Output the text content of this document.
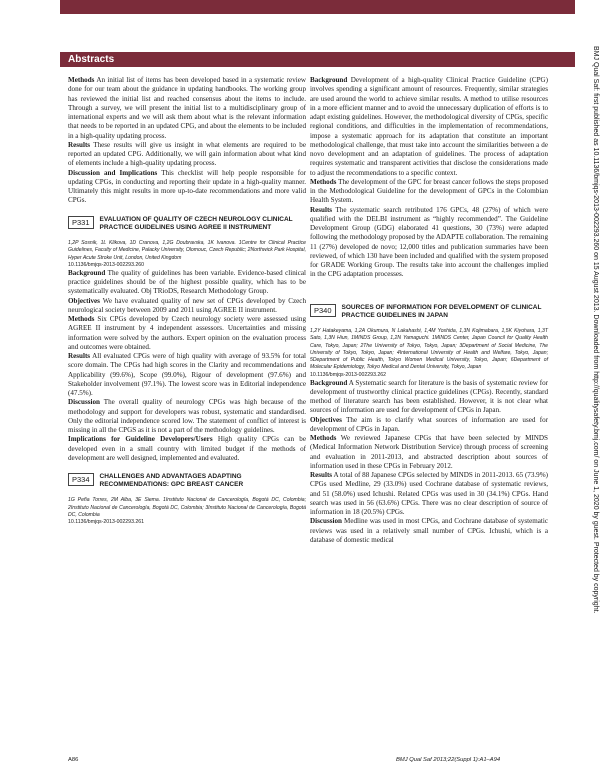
Abstracts

Methods An initial list of items has been developed based in a systematic review done for our team about the guidance in updating handbooks. The working group has reviewed the initial list and reached consensus about the items to include. Through a survey, we will present the initial list to a multidisciplinary group of international experts and we will ask them about what is the relevant information that needs to be reported in an updated CPG, and about the elements to be included in a high-quality updating process.

Results These results will give us insight in what elements are required to be reported an updated CPG. Additionally, we will gain information about what kind of elements include a high-quality updating process.

Discussion and Implications This checklist will help people responsible for updating CPGs, in conducting and reporting their update in a high-quality manner. Ultimately this might results in more up-to-date recommendations and more valid CPGs.

P331	EVALUATION OF QUALITY OF CZECH NEUROLOGY CLINICAL PRACTICE GUIDELINES USING AGREE II INSTRUMENT

1,2P Sosnik, 1L Klikova, 1D Cranova, 1,2G Doubravska, 1K Ivanova. 1Centre for Clinical Practice Guidelines, Faculty of Medicine, Palacky University, Olomouc, Czech Republic; 2Northwick Park Hospital, Hyper Acute Stroke Unit, London, United Kingdom

10.1136/bmjqs-2013-002293.260

Background The quality of guidelines has been variable. Evidence-based clinical practice guidelines should be of the highest possible quality, which has to be systematically evaluated. Obj TRioDS, Research Methodology Group.

Objectives We have evaluated quality of new set of CPGs developed by Czech neurological society between 2009 and 2011 using AGREE II instrument.

Methods Six CPGs developed by Czech neurology society were assessed using AGREE II instrument by 4 independent assessors. Uncertainties and missing information were solved by the authors. Expert opinion on the evaluation process and outcomes were obtained.

Results All evaluated CPGs were of high quality with average of 93.5% for total score domain. The CPGs had high scores in the Clarity and recommendations and Applicability (99.6%), Scope (99.0%), Rigour of development (97.6%) and Stakeholder involvement (97.1%). The lowest score was in Editorial independence (47.5%).

Discussion The overall quality of neurology CPGs was high because of the methodology and support for developers was robust, systematic and standardised. Only the editorial independence scored low. The statement of conflict of interest is missing in all the CPGS as it is not a part of the methodology guidelines.

Implications for Guideline Developers/Users High quality CPGs can be developed even in a small country with limited budget if the methods of development are well designed, implemented and evaluated.

P334	CHALLENGES AND ADVANTAGES ADAPTING RECOMMENDATIONS: GPC BREAST CANCER

1G Peña Torres, 2M Alba, 3E Siema. 1Instituto Nacional de Cancerología, Bogotá DC, Colombia; 2Instituto Nacional de Cancerología, Bogotá DC, Colombia; 3Instituto Nacional de Cancerología, Bogotá DC, Colombia

10.1136/bmjqs-2013-002293.261

Background Development of a high-quality Clinical Practice Guideline (CPG) involves spending a significant amount of resources. Frequently, similar strategies are used around the world to achieve similar results. A method to utilise resources in a more efficient manner and to avoid the unnecessary duplication of efforts is to adapt existing guidelines. However, the methodological diversity of CPGs, specific regional conditions, and difficulties in the implementation of recommendations, impose a systematic approach for its adaptation that constitute an important methodological challenge, that must take into account the similarities between a de novo development and an adaptation of guidelines. The process of adaptation requires systematic and transparent activities that disclose the considerations made to adjust the recommendations to a specific context.

Methods The development of the GPC for breast cancer follows the steps proposed in the Methodological Guideline for the development of GPCs in the Colombian Health System.

Results The systematic search retributed 176 GPCs, 48 (27%) of which were qualified with the DELBI instrument as “highly recommended”. The Guideline Development Group (GDG) elaborated 41 questions, 30 (73%) were adapted following the methodology proposed by the ADAPTE collaboration. The remaining 11 (27%) developed de novo; 12,000 titles and publication summaries have been reviewed, of which 130 have been included and qualified with the system proposed for GRADE Working Group. The results take into account the challenges implied in the CPG adaptation processes.

P340	SOURCES OF INFORMATION FOR DEVELOPMENT OF CLINICAL PRACTICE GUIDELINES IN JAPAN

1,2Y Hatakeyama, 1,2A Okumura, N Lakahashi, 1,4M Yoshida, 1,3N Kojimabara, 1,5K Kiyohara, 1,3T Sato, 1,3N Hiun, 1MINDS Group, 1,2N Yamaguchi. 1MINDS Center, Japan Council for Quality Health Care, Tokyo, Japan; 2The University of Tokyo, Tokyo, Japan; 3Department of Social Medicine, The University of Tokyo, Tokyo, Japan; 4International University of Health and Welfare, Tokyo, Japan; 5Department of Public Health, Tokyo Women Medical University, Tokyo, Japan; 6Department of Molecular Epidemiology, Tokyo Medical and Dental University, Tokyo, Japan

10.1136/bmjqs-2013-002293.262

Background A Systematic search for literature is the basis of systematic review for development of trustworthy clinical practice guidelines (CPGs). Recently, standard method of literature search has been established. However, it is not clear what sources of information are used for development of CPGs in Japan.

Objectives The aim is to clarify what sources of information are used for development of CPGs in Japan.

Methods We reviewed Japanese CPGs that have been selected by MINDS (Medical Information Network Distribution Service) through process of screening and evaluation in 2011-2013, and abstracted description about sources of information used in these CPGs in February 2012.

Results A total of 88 Japanese CPGs selected by MINDS in 2011-2013. 65 (73.9%) CPGs used Medline, 29 (33.0%) used Cochrane database of systematic reviews, and 51 (58.0%) used Ichushi. Related CPGs was used in 30 (34.1%) CPGs. Hand search was used in 56 (63.6%) CPGs. There was no clear description of source of information in 18 (20.5%) CPGs.

Discussion Medline was used in most CPGs, and Cochrane database of systematic reviews was used in a relatively small number of CPGs. Ichushi, which is a database of domestic medical

A86	BMJ Qual Saf 2013;22(Suppl 1):A1–A94
BMJ Qual Saf: first published as 10.1136/bmjqs-2013-002293.260 on 15 August 2013. Downloaded from http://qualitysafety.bmj.com/ on June 1, 2020 by guest. Protected by copyright.
